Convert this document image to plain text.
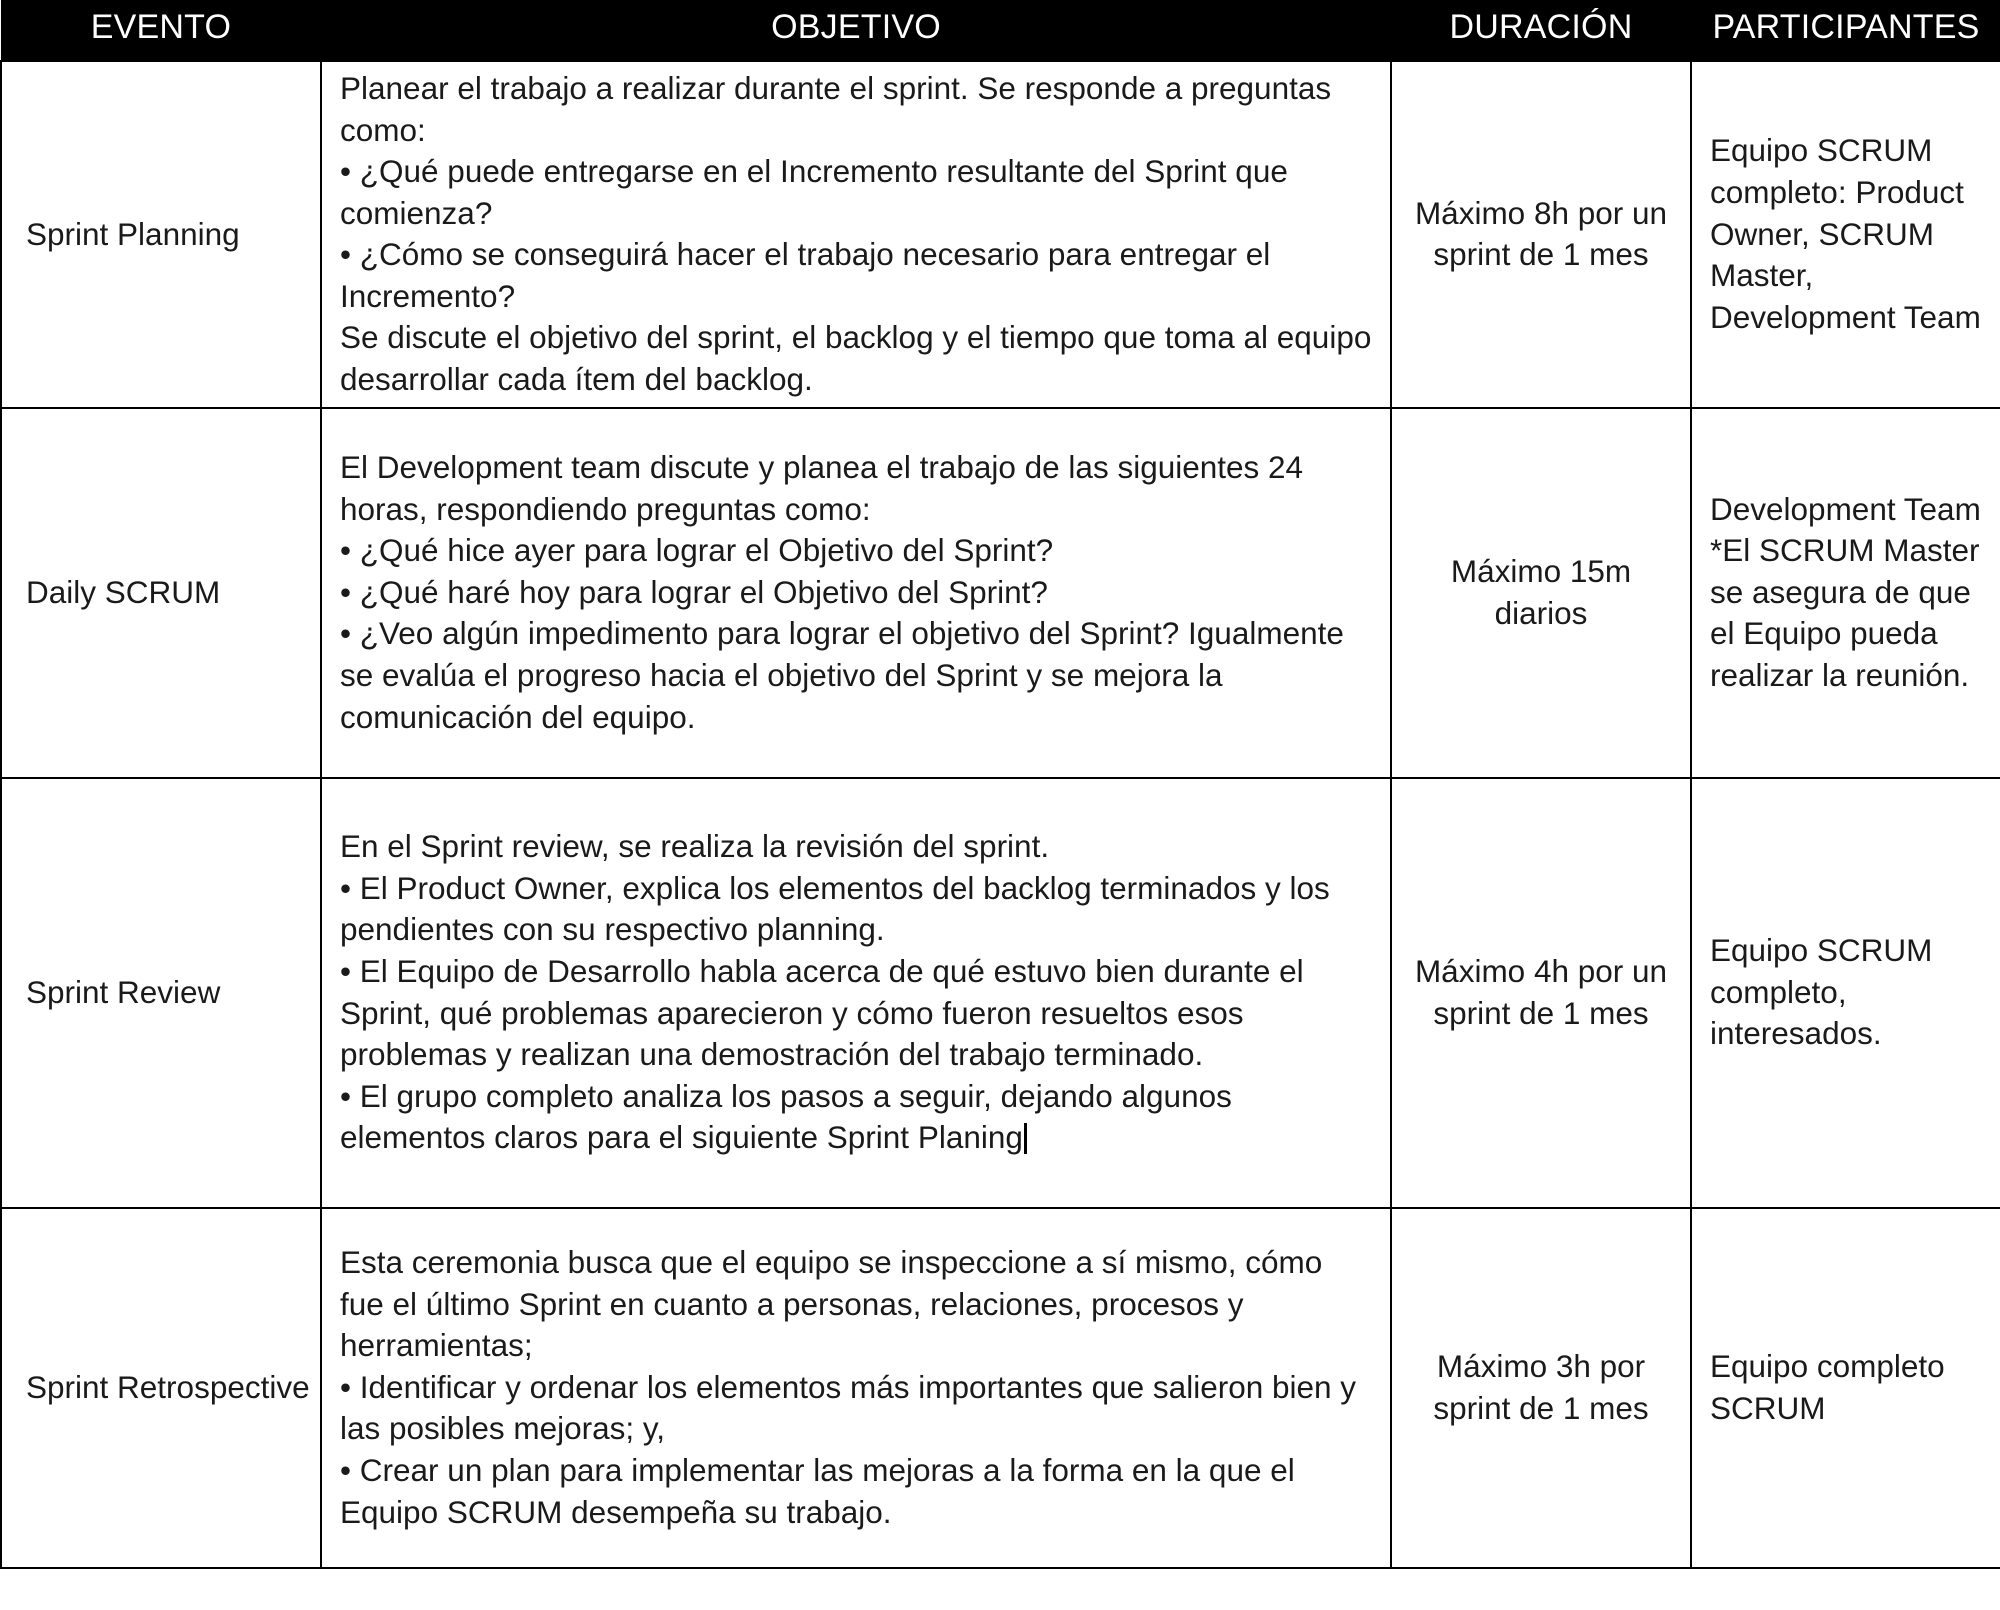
EVENTO	OBJETIVO	DURACIÓN	PARTICIPANTES
Sprint Planning	Planear el trabajo a realizar durante el sprint. Se responde a preguntas como:
• ¿Qué puede entregarse en el Incremento resultante del Sprint que comienza?
• ¿Cómo se conseguirá hacer el trabajo necesario para entregar el Incremento?
Se discute el objetivo del sprint, el backlog y el tiempo que toma al equipo desarrollar cada ítem del backlog.	Máximo 8h por un sprint de 1 mes	Equipo SCRUM completo: Product Owner, SCRUM Master, Development Team
Daily SCRUM	El Development team discute y planea el trabajo de las siguientes 24 horas, respondiendo preguntas como:
• ¿Qué hice ayer para lograr el Objetivo del Sprint?
• ¿Qué haré hoy para lograr el Objetivo del Sprint?
• ¿Veo algún impedimento para lograr el objetivo del Sprint? Igualmente se evalúa el progreso hacia el objetivo del Sprint y se mejora la comunicación del equipo.	Máximo 15m diarios	Development Team *El SCRUM Master se asegura de que el Equipo pueda realizar la reunión.
Sprint Review	En el Sprint review, se realiza la revisión del sprint.
• El Product Owner, explica los elementos del backlog terminados y los pendientes con su respectivo planning.
• El Equipo de Desarrollo habla acerca de qué estuvo bien durante el Sprint, qué problemas aparecieron y cómo fueron resueltos esos problemas y realizan una demostración del trabajo terminado.
• El grupo completo analiza los pasos a seguir, dejando algunos elementos claros para el siguiente Sprint Planing	Máximo 4h por un sprint de 1 mes	Equipo SCRUM completo, interesados.
Sprint Retrospective	Esta ceremonia busca que el equipo se inspeccione a sí mismo, cómo fue el último Sprint en cuanto a personas, relaciones, procesos y herramientas;
• Identificar y ordenar los elementos más importantes que salieron bien y las posibles mejoras; y,
• Crear un plan para implementar las mejoras a la forma en la que el Equipo SCRUM desempeña su trabajo.	Máximo 3h por sprint de 1 mes	Equipo completo SCRUM
